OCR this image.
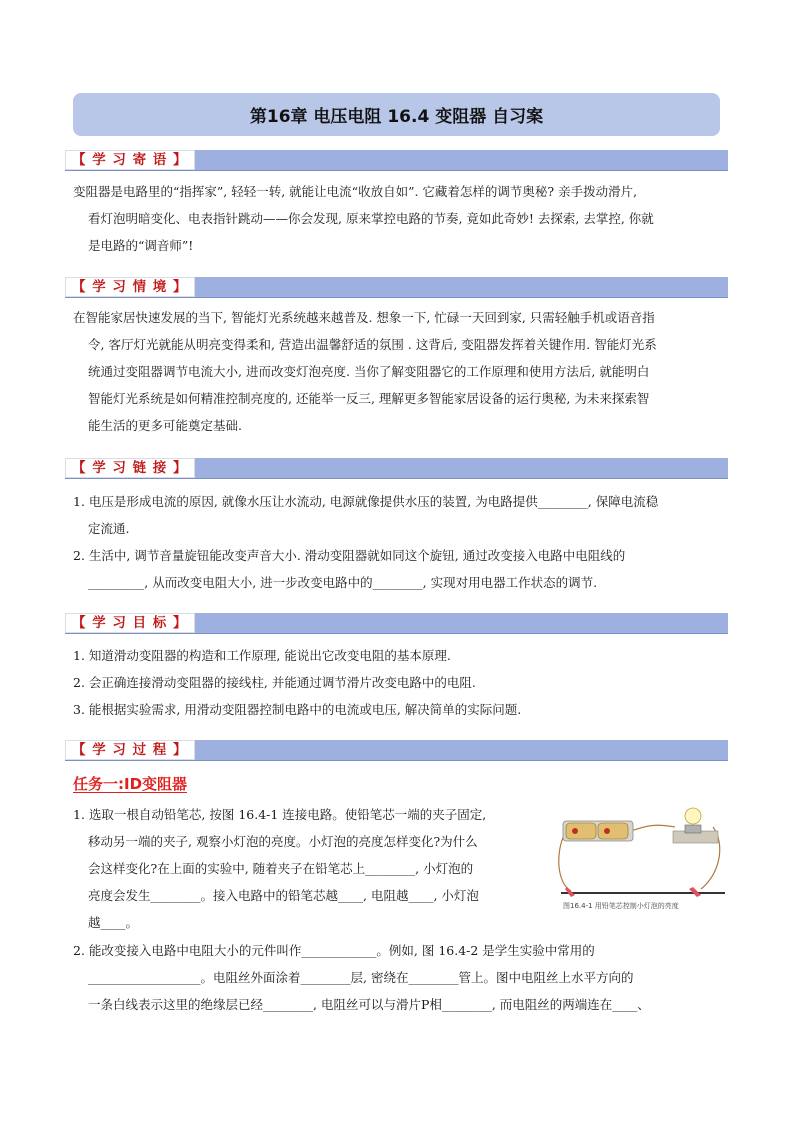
第16章 电压电阻 16.4 变阻器 自习案
【 学 习 寄 语 】
变阻器是电路里的“指挥家”, 轻轻一转, 就能让电流“收放自如”. 它藏着怎样的调节奥秘? 亲手拨动滑片,
看灯泡明暗变化、电表指针跳动——你会发现, 原来掌控电路的节奏, 竟如此奇妙! 去探索, 去掌控, 你就
是电路的“调音师”!
【 学 习 情 境 】
在智能家居快速发展的当下, 智能灯光系统越来越普及. 想象一下, 忙碌一天回到家, 只需轻触手机或语音指
令, 客厅灯光就能从明亮变得柔和, 营造出温馨舒适的氛围 . 这背后, 变阻器发挥着关键作用. 智能灯光系
统通过变阻器调节电流大小, 进而改变灯泡亮度. 当你了解变阻器它的工作原理和使用方法后, 就能明白
智能灯光系统是如何精准控制亮度的, 还能举一反三, 理解更多智能家居设备的运行奥秘, 为未来探索智
能生活的更多可能奠定基础.
【 学 习 链 接 】
1. 电压是形成电流的原因, 就像水压让水流动, 电源就像提供水压的装置, 为电路提供________, 保障电流稳
定流通.
2. 生活中, 调节音量旋钮能改变声音大小. 滑动变阻器就如同这个旋钮, 通过改变接入电路中电阻线的
_________, 从而改变电阻大小, 进一步改变电路中的________, 实现对用电器工作状态的调节.
【 学 习 目 标 】
1. 知道滑动变阻器的构造和工作原理, 能说出它改变电阻的基本原理.
2. 会正确连接滑动变阻器的接线柱, 并能通过调节滑片改变电路中的电阻.
3. 能根据实验需求, 用滑动变阻器控制电路中的电流或电压, 解决简单的实际问题.
【 学 习 过 程 】
任务一:ID变阻器
1. 选取一根自动铅笔芯, 按图 16.4-1 连接电路。使铅笔芯一端的夹子固定,
移动另一端的夹子, 观察小灯泡的亮度。小灯泡的亮度怎样变化?为什么
会这样变化?在上面的实验中, 随着夹子在铅笔芯上________, 小灯泡的
亮度会发生________。接入电路中的铅笔芯越____, 电阻越____, 小灯泡
越____。
图16.4-1 用铅笔芯控制小灯泡的亮度
2. 能改变接入电路中电阻大小的元件叫作____________。例如, 图 16.4-2 是学生实验中常用的
__________________。电阻丝外面涂着________层, 密绕在________管上。图中电阻丝上水平方向的
一条白线表示这里的绝缘层已经________, 电阻丝可以与滑片P相________, 而电阻丝的两端连在____、
